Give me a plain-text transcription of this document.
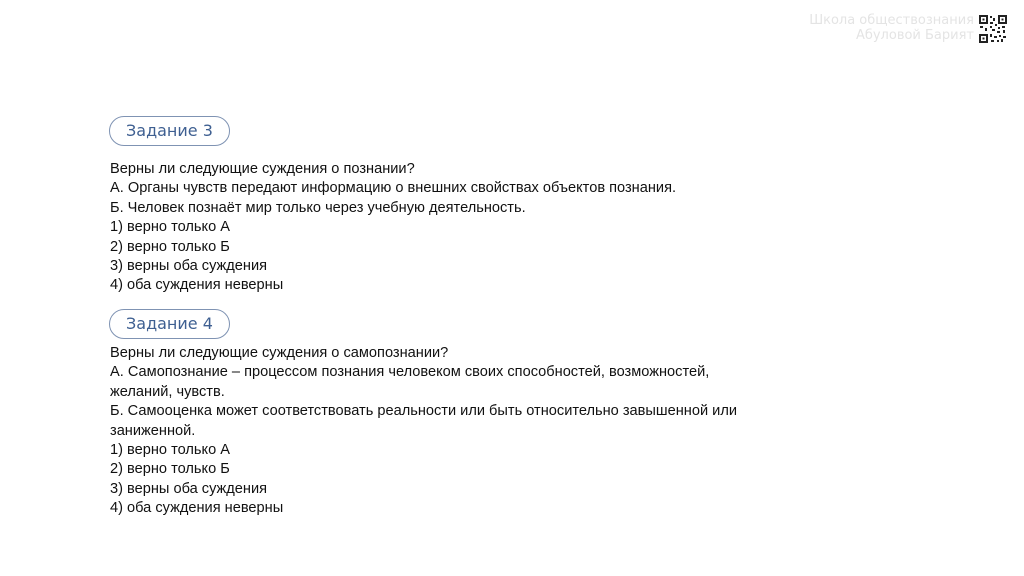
Школа обществознания
Абуловой Барият
Задание 3
Верны ли следующие суждения о познании?
А. Органы чувств передают информацию о внешних свойствах объектов познания.
Б. Человек познаёт мир только через учебную деятельность.
1) верно только А
2) верно только Б
3) верны оба суждения
4) оба суждения неверны
Задание 4
Верны ли следующие суждения о самопознании?
А. Самопознание – процессом познания человеком своих способностей, возможностей,
желаний, чувств.
Б. Самооценка может соответствовать реальности или быть относительно завышенной или
заниженной.
1) верно только А
2) верно только Б
3) верны оба суждения
4) оба суждения неверны
